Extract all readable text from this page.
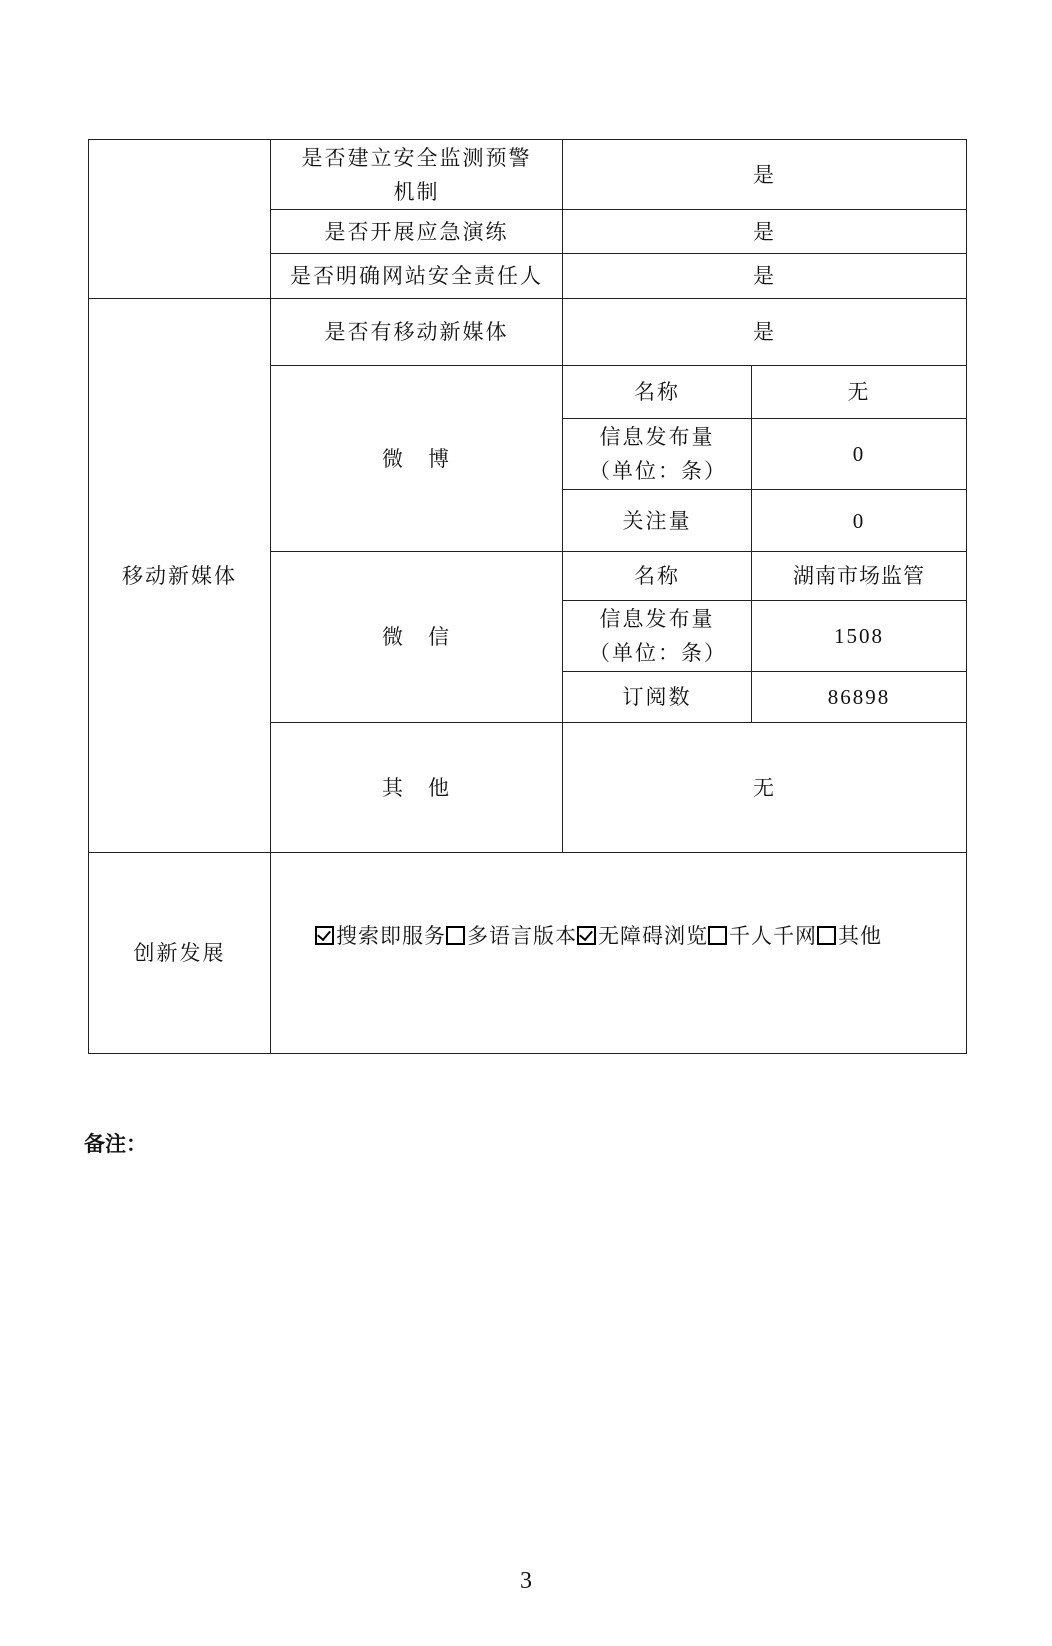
	是否建立安全监测预警机制	是	
	是否开展应急演练	是	
	是否明确网站安全责任人	是	
移动新媒体	是否有移动新媒体	是	
	微　博	名称	无
		信息发布量（单位：条）	0
		关注量	0
	微　信	名称	湖南市场监管
		信息发布量（单位：条）	1508
		订阅数	86898
	其　他	无	
创新发展	搜索即服务 多语言版本 无障碍浏览 千人千网 其他		
备注：
3
